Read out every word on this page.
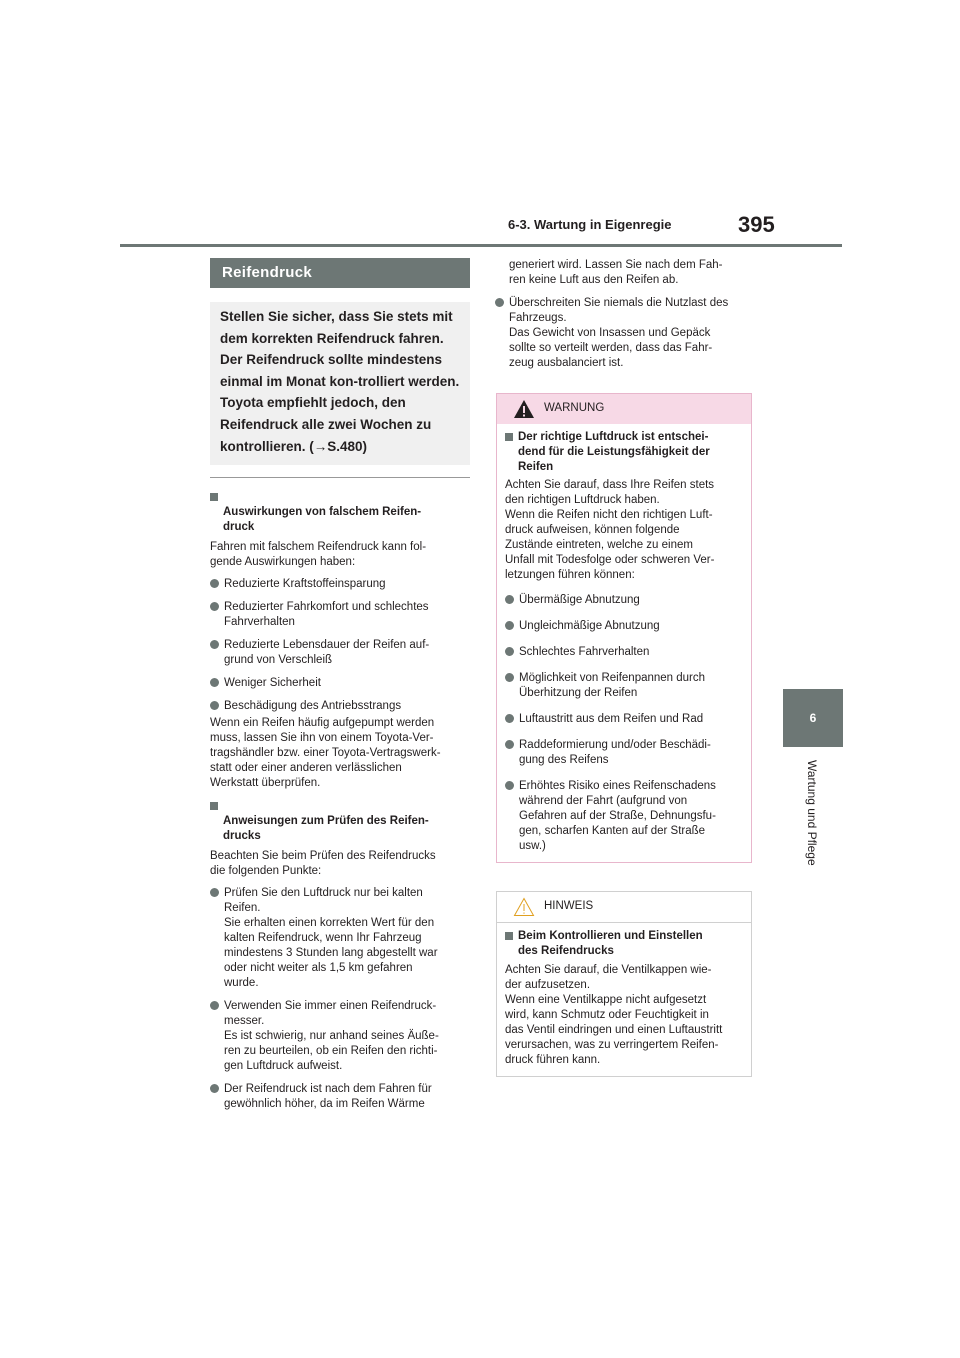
6-3. Wartung in Eigenregie	395
6
Wartung und Pflege
Reifendruck
Stellen Sie sicher, dass Sie stets mit dem korrekten Reifendruck fahren. Der Reifendruck sollte mindestens einmal im Monat kon-trolliert werden. Toyota empfiehlt jedoch, den Reifendruck alle zwei Wochen zu kontrollieren. (→S.480)

Auswirkungen von falschem Reifen-
druck

Fahren mit falschem Reifendruck kann fol-
gende Auswirkungen haben:

Reduzierte Kraftstoffeinsparung
Reduzierter Fahrkomfort und schlechtes
Fahrverhalten
Reduzierte Lebensdauer der Reifen auf-
grund von Verschleiß
Weniger Sicherheit
Beschädigung des Antriebsstrangs

Wenn ein Reifen häufig aufgepumpt werden
muss, lassen Sie ihn von einem Toyota-Ver-
tragshändler bzw. einer Toyota-Vertragswerk-
statt oder einer anderen verlässlichen
Werkstatt überprüfen.

Anweisungen zum Prüfen des Reifen-
drucks

Beachten Sie beim Prüfen des Reifendrucks
die folgenden Punkte:

Prüfen Sie den Luftdruck nur bei kalten
Reifen.
Sie erhalten einen korrekten Wert für den
kalten Reifendruck, wenn Ihr Fahrzeug
mindestens 3 Stunden lang abgestellt war
oder nicht weiter als 1,5 km gefahren
wurde.
Verwenden Sie immer einen Reifendruck-
messer.
Es ist schwierig, nur anhand seines Äuße-
ren zu beurteilen, ob ein Reifen den richti-
gen Luftdruck aufweist.
Der Reifendruck ist nach dem Fahren für
gewöhnlich höher, da im Reifen Wärme

generiert wird. Lassen Sie nach dem Fah-
ren keine Luft aus den Reifen ab.

Überschreiten Sie niemals die Nutzlast des
Fahrzeugs.
Das Gewicht von Insassen und Gepäck
sollte so verteilt werden, dass das Fahr-
zeug ausbalanciert ist.
WARNUNG
Der richtige Luftdruck ist entschei-
dend für die Leistungsfähigkeit der
Reifen

Achten Sie darauf, dass Ihre Reifen stets
den richtigen Luftdruck haben.
Wenn die Reifen nicht den richtigen Luft-
druck aufweisen, können folgende
Zustände eintreten, welche zu einem
Unfall mit Todesfolge oder schweren Ver-
letzungen führen können:

Übermäßige Abnutzung
Ungleichmäßige Abnutzung
Schlechtes Fahrverhalten
Möglichkeit von Reifenpannen durch
Überhitzung der Reifen
Luftaustritt aus dem Reifen und Rad
Raddeformierung und/oder Beschädi-
gung des Reifens
Erhöhtes Risiko eines Reifenschadens
während der Fahrt (aufgrund von
Gefahren auf der Straße, Dehnungsfu-
gen, scharfen Kanten auf der Straße
usw.)
HINWEIS
Beim Kontrollieren und Einstellen
des Reifendrucks

Achten Sie darauf, die Ventilkappen wie-
der aufzusetzen.
Wenn eine Ventilkappe nicht aufgesetzt
wird, kann Schmutz oder Feuchtigkeit in
das Ventil eindringen und einen Luftaustritt
verursachen, was zu verringertem Reifen-
druck führen kann.
